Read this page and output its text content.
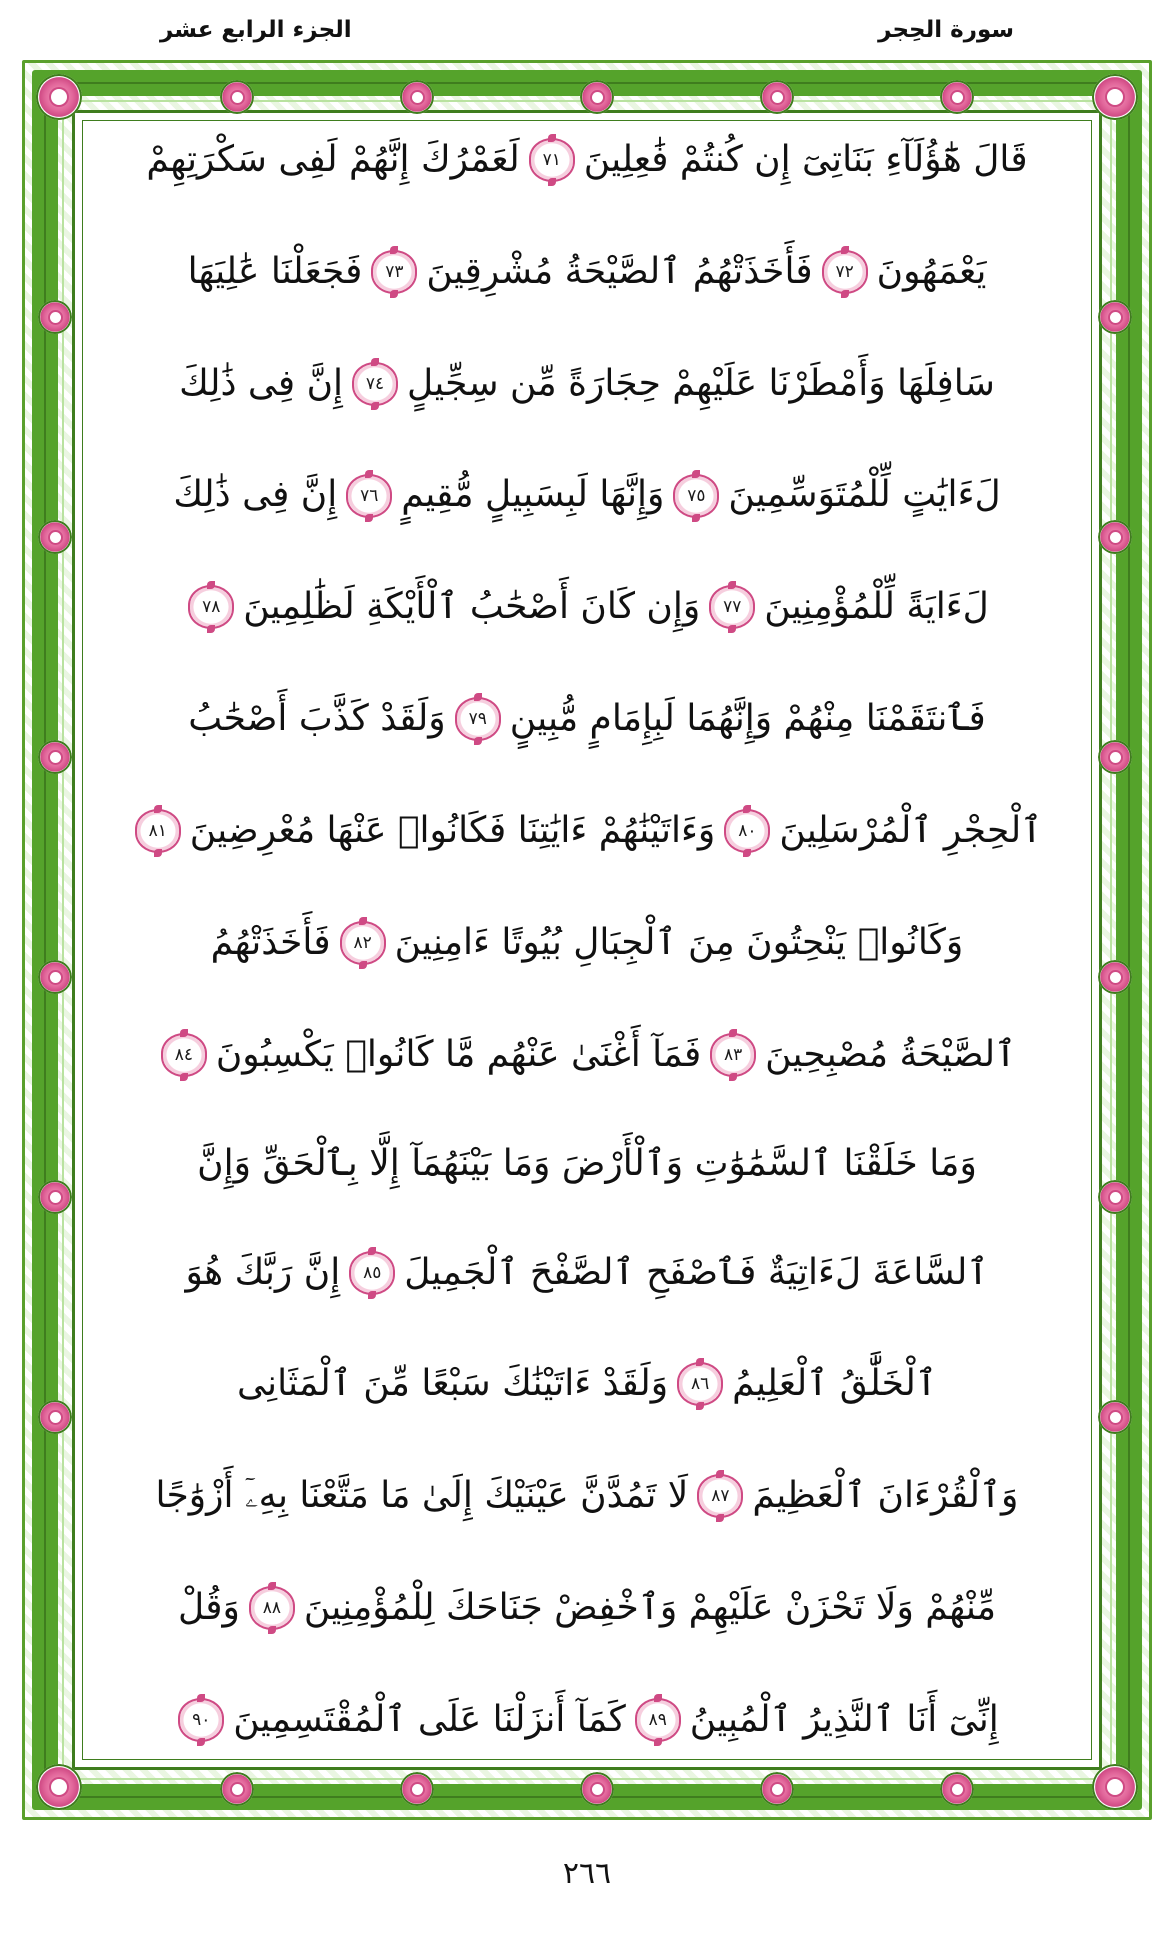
سورة الحِجر
الجزء الرابع عشر
قَالَ هَٰٓؤُلَآءِ بَنَاتِىٓ إِن كُنتُمْ فَٰعِلِينَ
٧١
لَعَمْرُكَ إِنَّهُمْ لَفِى سَكْرَتِهِمْ
يَعْمَهُونَ
٧٢
فَأَخَذَتْهُمُ ٱلصَّيْحَةُ مُشْرِقِينَ
٧٣
فَجَعَلْنَا عَٰلِيَهَا
سَافِلَهَا وَأَمْطَرْنَا عَلَيْهِمْ حِجَارَةً مِّن سِجِّيلٍ
٧٤
إِنَّ فِى ذَٰلِكَ
لَءَايَٰتٍ لِّلْمُتَوَسِّمِينَ
٧٥
وَإِنَّهَا لَبِسَبِيلٍ مُّقِيمٍ
٧٦
إِنَّ فِى ذَٰلِكَ
لَءَايَةً لِّلْمُؤْمِنِينَ
٧٧
وَإِن كَانَ أَصْحَٰبُ ٱلْأَيْكَةِ لَظَٰلِمِينَ
٧٨
فَٱنتَقَمْنَا مِنْهُمْ وَإِنَّهُمَا لَبِإِمَامٍ مُّبِينٍ
٧٩
وَلَقَدْ كَذَّبَ أَصْحَٰبُ
ٱلْحِجْرِ ٱلْمُرْسَلِينَ
٨٠
وَءَاتَيْنَٰهُمْ ءَايَٰتِنَا فَكَانُوا۟ عَنْهَا مُعْرِضِينَ
٨١
وَكَانُوا۟ يَنْحِتُونَ مِنَ ٱلْجِبَالِ بُيُوتًا ءَامِنِينَ
٨٢
فَأَخَذَتْهُمُ
ٱلصَّيْحَةُ مُصْبِحِينَ
٨٣
فَمَآ أَغْنَىٰ عَنْهُم مَّا كَانُوا۟ يَكْسِبُونَ
٨٤
وَمَا خَلَقْنَا ٱلسَّمَٰوَٰتِ وَٱلْأَرْضَ وَمَا بَيْنَهُمَآ إِلَّا بِٱلْحَقِّ وَإِنَّ
ٱلسَّاعَةَ لَءَاتِيَةٌ فَٱصْفَحِ ٱلصَّفْحَ ٱلْجَمِيلَ
٨٥
إِنَّ رَبَّكَ هُوَ
ٱلْخَلَّٰقُ ٱلْعَلِيمُ
٨٦
وَلَقَدْ ءَاتَيْنَٰكَ سَبْعًا مِّنَ ٱلْمَثَانِى
وَٱلْقُرْءَانَ ٱلْعَظِيمَ
٨٧
لَا تَمُدَّنَّ عَيْنَيْكَ إِلَىٰ مَا مَتَّعْنَا بِهِۦٓ أَزْوَٰجًا
مِّنْهُمْ وَلَا تَحْزَنْ عَلَيْهِمْ وَٱخْفِضْ جَنَاحَكَ لِلْمُؤْمِنِينَ
٨٨
وَقُلْ
إِنِّىٓ أَنَا ٱلنَّذِيرُ ٱلْمُبِينُ
٨٩
كَمَآ أَنزَلْنَا عَلَى ٱلْمُقْتَسِمِينَ
٩٠
٢٦٦
